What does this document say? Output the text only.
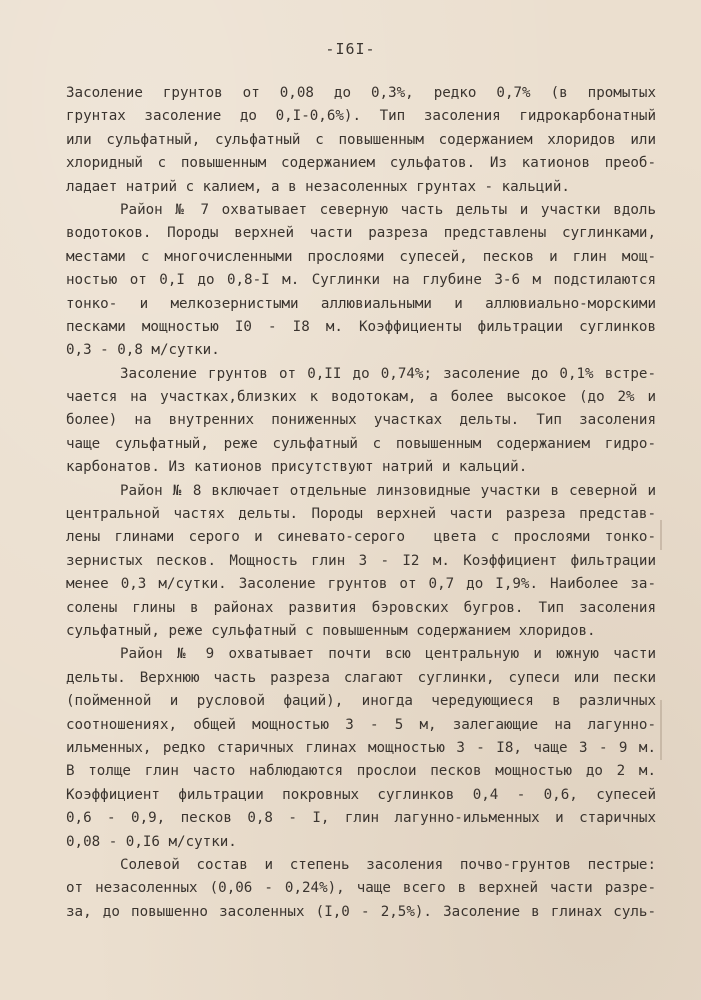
-I6I-
Засоление грунтов от 0,08 до 0,3%, редко 0,7% (в промытых
грунтах засоление до 0,I-0,6%). Тип засоления гидрокарбонатный
или сульфатный, сульфатный с повышенным содержанием хлоридов или
хлоридный с повышенным содержанием сульфатов. Из катионов преоб-
ладает натрий с калием, а в незасоленных грунтах - кальций.
Район № 7 охватывает северную часть дельты и участки вдоль
водотоков. Породы верхней части разреза представлены суглинками,
местами с многочисленными прослоями супесей, песков и глин мощ-
ностью от 0,I до 0,8-I м. Суглинки на глубине 3-6 м подстилаются
тонко- и мелкозернистыми аллювиальными и аллювиально-морскими
песками мощностью I0 - I8 м. Коэффициенты фильтрации суглинков
0,3 - 0,8 м/сутки.
Засоление грунтов от 0,II до 0,74%; засоление до 0,1% встре-
чается на участках,близких к водотокам, а более высокое (до 2% и
более) на внутренних пониженных участках дельты. Тип засоления
чаще сульфатный, реже сульфатный с повышенным содержанием гидро-
карбонатов. Из катионов присутствуют натрий и кальций.
Район № 8 включает отдельные линзовидные участки в северной и
центральной частях дельты. Породы верхней части разреза представ-
лены глинами серого и синевато-серого  цвета с прослоями тонко-
зернистых песков. Мощность глин 3 - I2 м. Коэффициент фильтрации
менее 0,3 м/сутки. Засоление грунтов от 0,7 до I,9%. Наиболее за-
солены глины в районах развития бэровских бугров. Тип засоления
сульфатный, реже сульфатный с повышенным содержанием хлоридов.
Район № 9 охватывает почти всю центральную и южную части
дельты. Верхнюю часть разреза слагают суглинки, супеси или пески
(пойменной и русловой фаций), иногда чередующиеся в различных
соотношениях, общей мощностью 3 - 5 м, залегающие на лагунно-
ильменных, редко старичных глинах мощностью 3 - I8, чаще 3 - 9 м.
В толще глин часто наблюдаются прослои песков мощностью до 2 м.
Коэффициент фильтрации покровных суглинков 0,4 - 0,6, супесей
0,6 - 0,9, песков 0,8 - I, глин лагунно-ильменных и старичных
0,08 - 0,I6 м/сутки.
Солевой состав и степень засоления почво-грунтов пестрые:
от незасоленных (0,06 - 0,24%), чаще всего в верхней части разре-
за, до повышенно засоленных (I,0 - 2,5%). Засоление в глинах суль-
